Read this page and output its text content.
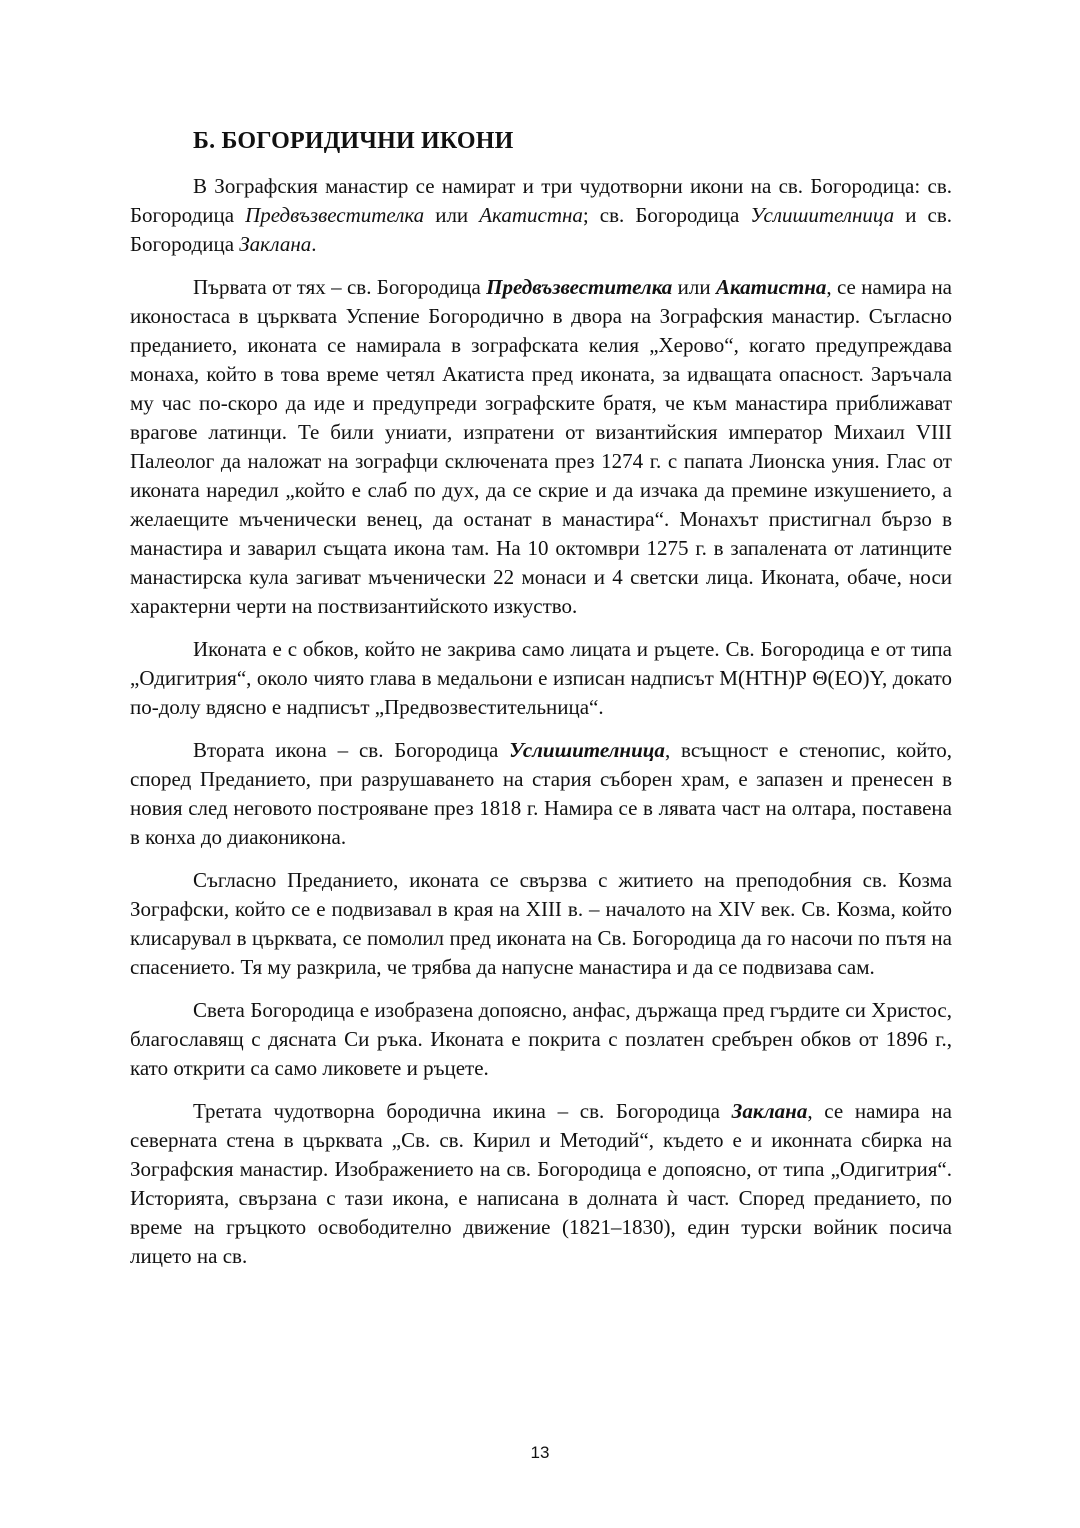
Б. БОГОРИДИЧНИ ИКОНИ

В Зографския манастир се намират и три чудотворни икони на св. Богородица: св. Богородица Предвъзвестителка или Акатистна; св. Богородица Услишителница и св. Богородица Заклана.

Първата от тях – св. Богородица Предвъзвестителка или Акатистна, се намира на иконостаса в църквата Успение Богородично в двора на Зографския манастир. Съгласно преданието, иконата се намирала в зографската келия „Херово“, когато предупреждава монаха, който в това време четял Акатиста пред иконата, за идващата опасност. Заръчала му час по-скоро да иде и предупреди зографските братя, че към манастира приближават врагове латинци. Те били униати, изпратени от византийския император Михаил VIII Палеолог да наложат на зографци сключената през 1274 г. с папата Лионска уния. Глас от иконата наредил „който е слаб по дух, да се скрие и да изчака да премине изкушението, а желаещите мъченически венец, да останат в манастира“. Монахът пристигнал бързо в манастира и заварил същата икона там. На 10 октомври 1275 г. в запалената от латинците манастирска кула загиват мъченически 22 монаси и 4 светски лица. Иконата, обаче, носи характерни черти на поствизантийското изкуство.

Иконата е с обков, който не закрива само лицата и ръцете. Св. Богородица е от типа „Одигитрия“, около чиято глава в медальони е изписан надписът М(НТН)Р Θ(ЕО)Y, докато по-долу вдясно е надписът „Предвозвестительница“.

Втората икона – св. Богородица Услишителница, всъщност е стенопис, който, според Преданието, при разрушаването на стария съборен храм, е запазен и пренесен в новия след неговото построяване през 1818 г. Намира се в лявата част на олтара, поставена в конха до диаконикона.

Съгласно Преданието, иконата се свързва с житието на преподобния св. Козма Зографски, който се е подвизавал в края на XIII в. – началото на XIV век. Св. Козма, който клисарувал в църквата, се помолил пред иконата на Св. Богородица да го насочи по пътя на спасението. Тя му разкрила, че трябва да напусне манастира и да се подвизава сам.

Света Богородица е изобразена допоясно, анфас, държаща пред гърдите си Христос, благославящ с дясната Си ръка. Иконата е покрита с позлатен сребърен обков от 1896 г., като открити са само ликовете и ръцете.

Третата чудотворна бородична икина – св. Богородица Заклана, се намира на северната стена в църквата „Св. св. Кирил и Методий“, където е и иконната сбирка на Зографския манастир. Изображението на св. Богородица е допоясно, от типа „Одигитрия“. Историята, свързана с тази икона, е написана в долната ѝ част. Според преданието, по време на гръцкото освободително движение (1821–1830), един турски войник посича лицето на св.

13
